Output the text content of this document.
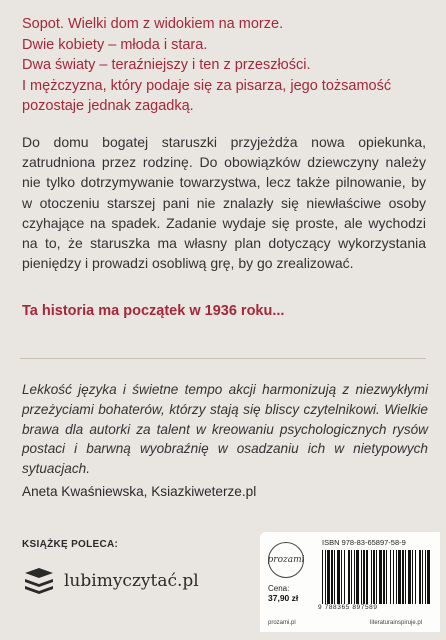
Sopot. Wielki dom z widokiem na morze.
Dwie kobiety – młoda i stara.
Dwa światy – teraźniejszy i ten z przeszłości.
I mężczyzna, który podaje się za pisarza, jego tożsamość
pozostaje jednak zagadką.
Do domu bogatej staruszki przyjeżdża nowa opiekunka, zatrudniona przez rodzinę. Do obowiązków dziewczyny należy nie tylko dotrzymywanie towarzystwa, lecz także pilnowanie, by w otoczeniu starszej pani nie znalazły się niewłaściwe osoby czyhające na spadek. Zadanie wydaje się proste, ale wychodzi na to, że staruszka ma własny plan dotyczący wykorzystania pieniędzy i prowadzi osobliwą grę, by go zrealizować.
Ta historia ma początek w 1936 roku...
Lekkość języka i świetne tempo akcji harmonizują z niezwykłymi przeżyciami bohaterów, którzy stają się bliscy czytelnikowi. Wielkie brawa dla autorki za talent w kreowaniu psychologicznych rysów postaci i barwną wyobraźnię w osadzaniu ich w nietypowych sytuacjach.
Aneta Kwaśniewska, Ksiazkiweterze.pl
KSIĄŻKĘ POLECA:
lubimyczytać.pl
prozami
ISBN 978-83-65897-58-9
Cena:
37,90 zł
9 788365 897589
prozami.pl	literaturainspiruje.pl
